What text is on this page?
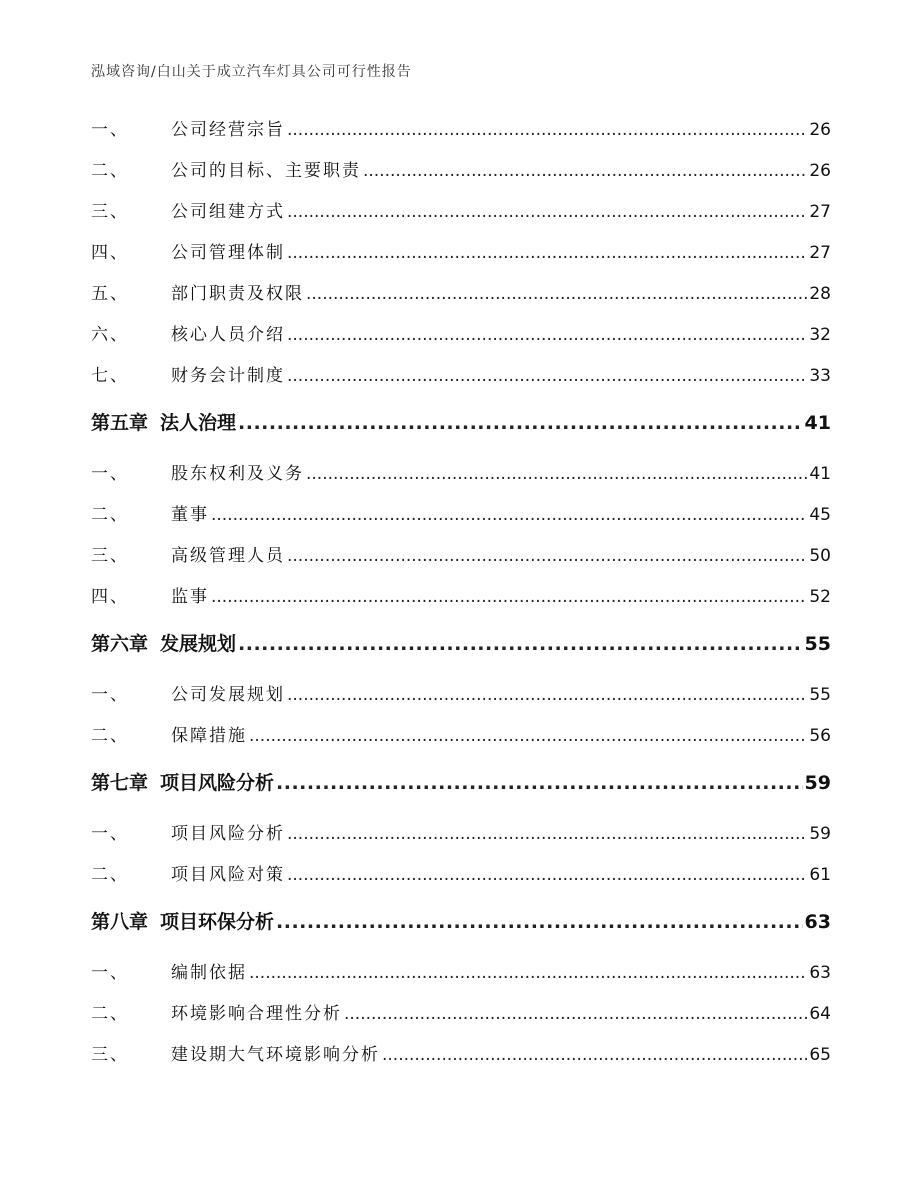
泓域咨询/白山关于成立汽车灯具公司可行性报告
一、	公司经营宗旨 .....	26
二、	公司的目标、主要职责 .....	26
三、	公司组建方式 .....	27
四、	公司管理体制 .....	27
五、	部门职责及权限 .....	28
六、	核心人员介绍 .....	32
七、	财务会计制度 .....	33
第五章 法人治理 .....	41
一、	股东权利及义务 .....	41
二、	董事 .....	45
三、	高级管理人员 .....	50
四、	监事 .....	52
第六章 发展规划 .....	55
一、	公司发展规划 .....	55
二、	保障措施 .....	56
第七章 项目风险分析 .....	59
一、	项目风险分析 .....	59
二、	项目风险对策 .....	61
第八章 项目环保分析 .....	63
一、	编制依据 .....	63
二、	环境影响合理性分析 .....	64
三、	建设期大气环境影响分析 .....	65
